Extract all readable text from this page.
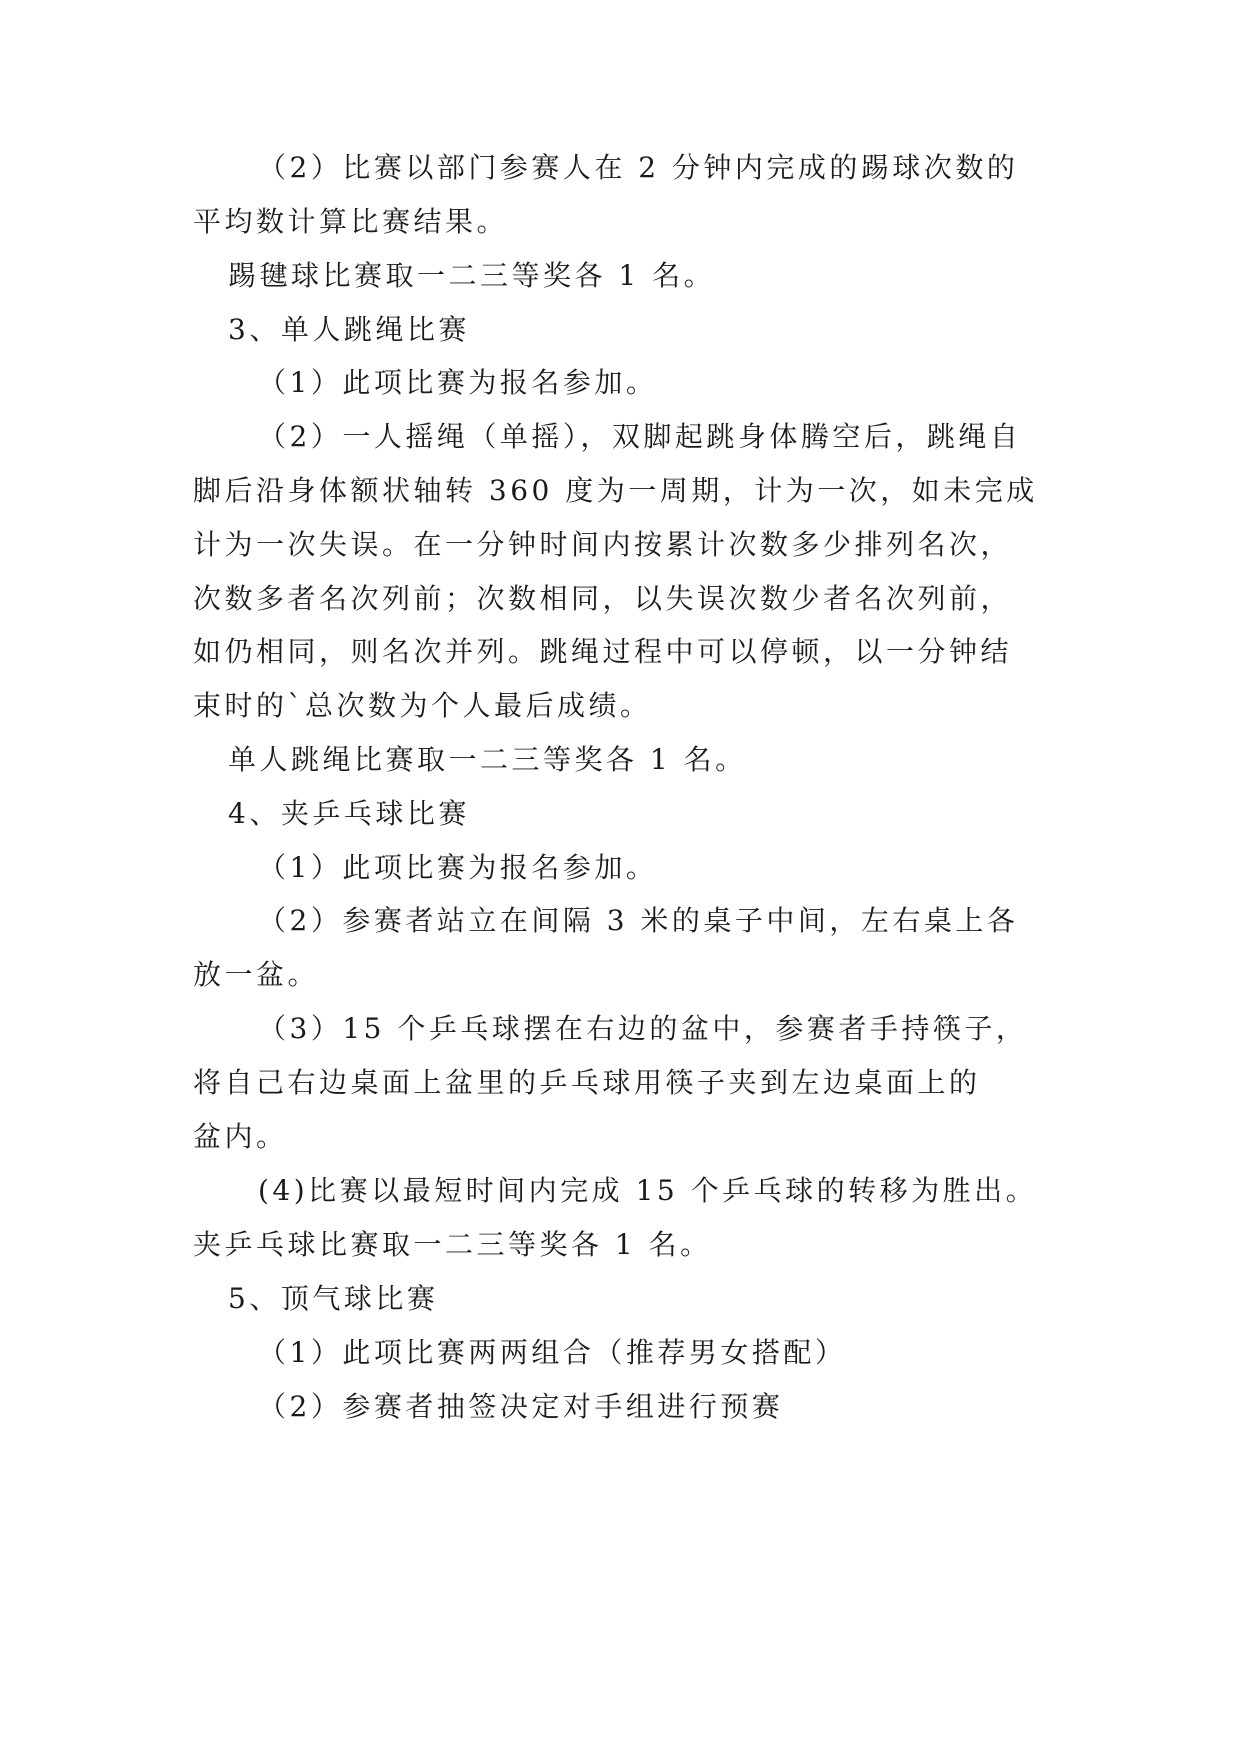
（2）比赛以部门参赛人在 2 分钟内完成的踢球次数的
平均数计算比赛结果。
踢毽球比赛取一二三等奖各 1 名。
3、单人跳绳比赛
（1）此项比赛为报名参加。
（2）一人摇绳（单摇），双脚起跳身体腾空后，跳绳自
脚后沿身体额状轴转 360 度为一周期，计为一次，如未完成
计为一次失误。在一分钟时间内按累计次数多少排列名次，
次数多者名次列前；次数相同，以失误次数少者名次列前，
如仍相同，则名次并列。跳绳过程中可以停顿，以一分钟结
束时的`总次数为个人最后成绩。
单人跳绳比赛取一二三等奖各 1 名。
4、夹乒乓球比赛
（1）此项比赛为报名参加。
（2）参赛者站立在间隔 3 米的桌子中间，左右桌上各
放一盆。
（3）15 个乒乓球摆在右边的盆中，参赛者手持筷子，
将自己右边桌面上盆里的乒乓球用筷子夹到左边桌面上的
盆内。
(4)比赛以最短时间内完成 15 个乒乓球的转移为胜出。
夹乒乓球比赛取一二三等奖各 1 名。
5、顶气球比赛
（1）此项比赛两两组合（推荐男女搭配）
（2）参赛者抽签决定对手组进行预赛
